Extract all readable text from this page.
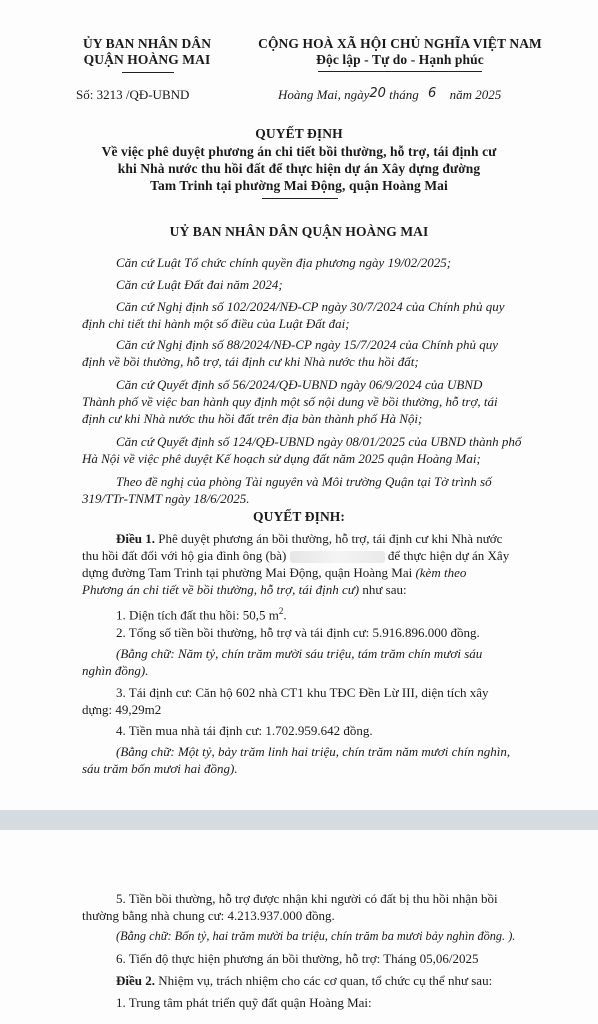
ỦY BAN NHÂN DÂN
QUẬN HOÀNG MAI
CỘNG HOÀ XÃ HỘI CHỦ NGHĨA VIỆT NAM
Độc lập - Tự do - Hạnh phúc
Số: 3213 /QĐ-UBND	Hoàng Mai, ngày20 tháng 6 năm 2025
QUYẾT ĐỊNH
Về việc phê duyệt phương án chi tiết bồi thường, hỗ trợ, tái định cư
khi Nhà nước thu hồi đất để thực hiện dự án Xây dựng đường
Tam Trinh tại phường Mai Động, quận Hoàng Mai
UỶ BAN NHÂN DÂN QUẬN HOÀNG MAI
Căn cứ Luật Tổ chức chính quyền địa phương ngày 19/02/2025;
Căn cứ Luật Đất đai năm 2024;
Căn cứ Nghị định số 102/2024/NĐ-CP ngày 30/7/2024 của Chính phủ quy
định chi tiết thi hành một số điều của Luật Đất đai;
Căn cứ Nghị định số 88/2024/NĐ-CP ngày 15/7/2024 của Chính phủ quy
định về bồi thường, hỗ trợ, tái định cư khi Nhà nước thu hồi đất;
Căn cứ Quyết định số 56/2024/QĐ-UBND ngày 06/9/2024 của UBND
Thành phố về việc ban hành quy định một số nội dung về bồi thường, hỗ trợ, tái
định cư khi Nhà nước thu hồi đất trên địa bàn thành phố Hà Nội;
Căn cứ Quyết định số 124/QĐ-UBND ngày 08/01/2025 của UBND thành phố
Hà Nội về việc phê duyệt Kế hoạch sử dụng đất năm 2025 quận Hoàng Mai;
Theo đề nghị của phòng Tài nguyên và Môi trường Quận tại Tờ trình số
319/TTr-TNMT ngày 18/6/2025.
QUYẾT ĐỊNH:
Điều 1. Phê duyệt phương án bồi thường, hỗ trợ, tái định cư khi Nhà nước
thu hồi đất đối với hộ gia đình ông (bà)	để thực hiện dự án Xây
dựng đường Tam Trinh tại phường Mai Động, quận Hoàng Mai (kèm theo
Phương án chi tiết về bồi thường, hỗ trợ, tái định cư) như sau:
1. Diện tích đất thu hồi: 50,5 $m^2$.
2. Tổng số tiền bồi thường, hỗ trợ và tái định cư: 5.916.896.000 đồng.
(Bằng chữ: Năm tỷ, chín trăm mười sáu triệu, tám trăm chín mươi sáu
nghìn đồng).
3. Tái định cư: Căn hộ 602 nhà CT1 khu TĐC Đền Lừ III, diện tích xây
dựng: 49,29m2
4. Tiền mua nhà tái định cư: 1.702.959.642 đồng.
(Bằng chữ: Một tỷ, bảy trăm linh hai triệu, chín trăm năm mươi chín nghìn,
sáu trăm bốn mươi hai đồng).
5. Tiền bồi thường, hỗ trợ được nhận khi người có đất bị thu hồi nhận bồi
thường bằng nhà chung cư: 4.213.937.000 đồng.
(Bằng chữ: Bốn tỷ, hai trăm mười ba triệu, chín trăm ba mươi bảy nghìn đồng. ).
6. Tiến độ thực hiện phương án bồi thường, hỗ trợ: Tháng 05,06/2025
Điều 2. Nhiệm vụ, trách nhiệm cho các cơ quan, tổ chức cụ thể như sau:
1. Trung tâm phát triển quỹ đất quận Hoàng Mai:
